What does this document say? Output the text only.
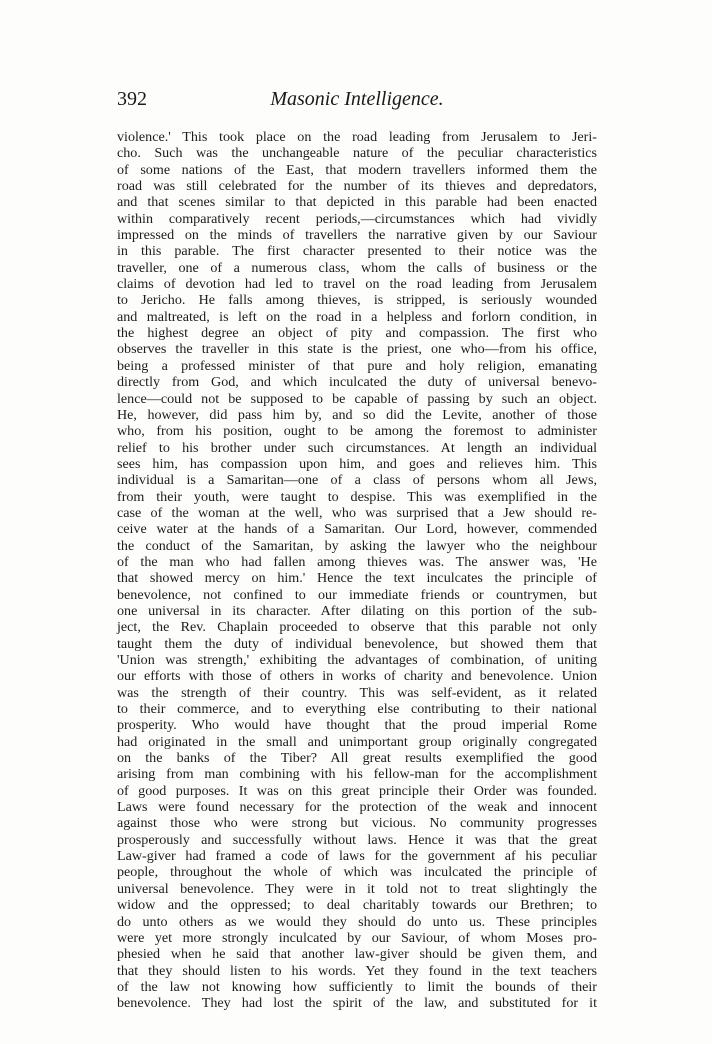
392	Masonic Intelligence.
violence.' This took place on the road leading from Jerusalem to Jeri-
cho. Such was the unchangeable nature of the peculiar characteristics
of some nations of the East, that modern travellers informed them the
road was still celebrated for the number of its thieves and depredators,
and that scenes similar to that depicted in this parable had been enacted
within comparatively recent periods,—circumstances which had vividly
impressed on the minds of travellers the narrative given by our Saviour
in this parable. The first character presented to their notice was the
traveller, one of a numerous class, whom the calls of business or the
claims of devotion had led to travel on the road leading from Jerusalem
to Jericho. He falls among thieves, is stripped, is seriously wounded
and maltreated, is left on the road in a helpless and forlorn condition, in
the highest degree an object of pity and compassion. The first who
observes the traveller in this state is the priest, one who—from his office,
being a professed minister of that pure and holy religion, emanating
directly from God, and which inculcated the duty of universal benevo-
lence—could not be supposed to be capable of passing by such an object.
He, however, did pass him by, and so did the Levite, another of those
who, from his position, ought to be among the foremost to administer
relief to his brother under such circumstances. At length an individual
sees him, has compassion upon him, and goes and relieves him. This
individual is a Samaritan—one of a class of persons whom all Jews,
from their youth, were taught to despise. This was exemplified in the
case of the woman at the well, who was surprised that a Jew should re-
ceive water at the hands of a Samaritan. Our Lord, however, commended
the conduct of the Samaritan, by asking the lawyer who the neighbour
of the man who had fallen among thieves was. The answer was, 'He
that showed mercy on him.' Hence the text inculcates the principle of
benevolence, not confined to our immediate friends or countrymen, but
one universal in its character. After dilating on this portion of the sub-
ject, the Rev. Chaplain proceeded to observe that this parable not only
taught them the duty of individual benevolence, but showed them that
'Union was strength,' exhibiting the advantages of combination, of uniting
our efforts with those of others in works of charity and benevolence. Union
was the strength of their country. This was self-evident, as it related
to their commerce, and to everything else contributing to their national
prosperity. Who would have thought that the proud imperial Rome
had originated in the small and unimportant group originally congregated
on the banks of the Tiber? All great results exemplified the good
arising from man combining with his fellow-man for the accomplishment
of good purposes. It was on this great principle their Order was founded.
Laws were found necessary for the protection of the weak and innocent
against those who were strong but vicious. No community progresses
prosperously and successfully without laws. Hence it was that the great
Law-giver had framed a code of laws for the government af his peculiar
people, throughout the whole of which was inculcated the principle of
universal benevolence. They were in it told not to treat slightingly the
widow and the oppressed; to deal charitably towards our Brethren; to
do unto others as we would they should do unto us. These principles
were yet more strongly inculcated by our Saviour, of whom Moses pro-
phesied when he said that another law-giver should be given them, and
that they should listen to his words. Yet they found in the text teachers
of the law not knowing how sufficiently to limit the bounds of their
benevolence. They had lost the spirit of the law, and substituted for it
